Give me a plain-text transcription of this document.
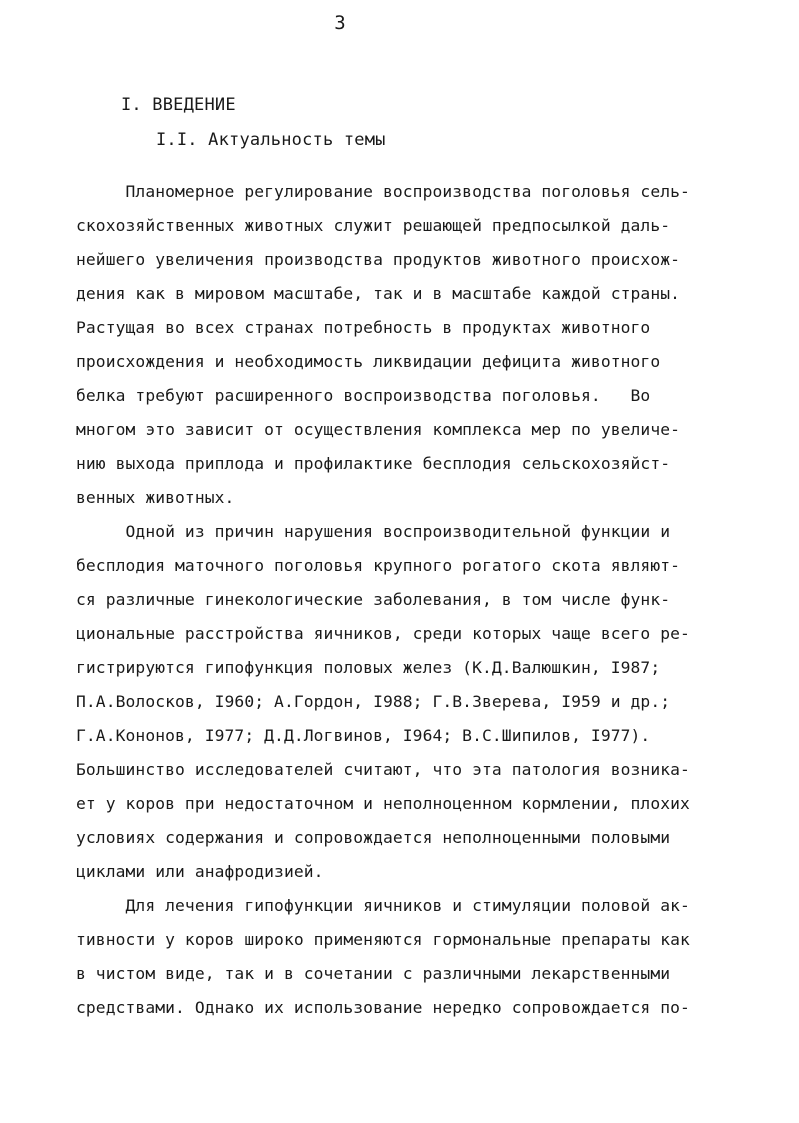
3
I. ВВЕДЕНИЕ
I.I. Актуальность темы
Планомерное регулирование воспроизводства поголовья сель-
скохозяйственных животных служит решающей предпосылкой даль-
нейшего увеличения производства продуктов животного происхож-
дения как в мировом масштабе, так и в масштабе каждой страны.
Растущая во всех странах потребность в продуктах животного
происхождения и необходимость ликвидации дефицита животного
белка требуют расширенного воспроизводства поголовья.   Во
многом это зависит от осуществления комплекса мер по увеличе-
нию выхода приплода и профилактике бесплодия сельскохозяйст-
венных животных.
Одной из причин нарушения воспроизводительной функции и
бесплодия маточного поголовья крупного рогатого скота являют-
ся различные гинекологические заболевания, в том числе функ-
циональные расстройства яичников, среди которых чаще всего ре-
гистрируются гипофункция половых желез (К.Д.Валюшкин, I987;
П.А.Волосков, I960; А.Гордон, I988; Г.В.Зверева, I959 и др.;
Г.А.Кононов, I977; Д.Д.Логвинов, I964; В.С.Шипилов, I977).
Большинство исследователей считают, что эта патология возника-
ет у коров при недостаточном и неполноценном кормлении, плохих
условиях содержания и сопровождается неполноценными половыми
циклами или анафродизией.
Для лечения гипофункции яичников и стимуляции половой ак-
тивности у коров широко применяются гормональные препараты как
в чистом виде, так и в сочетании с различными лекарственными
средствами. Однако их использование нередко сопровождается по-
